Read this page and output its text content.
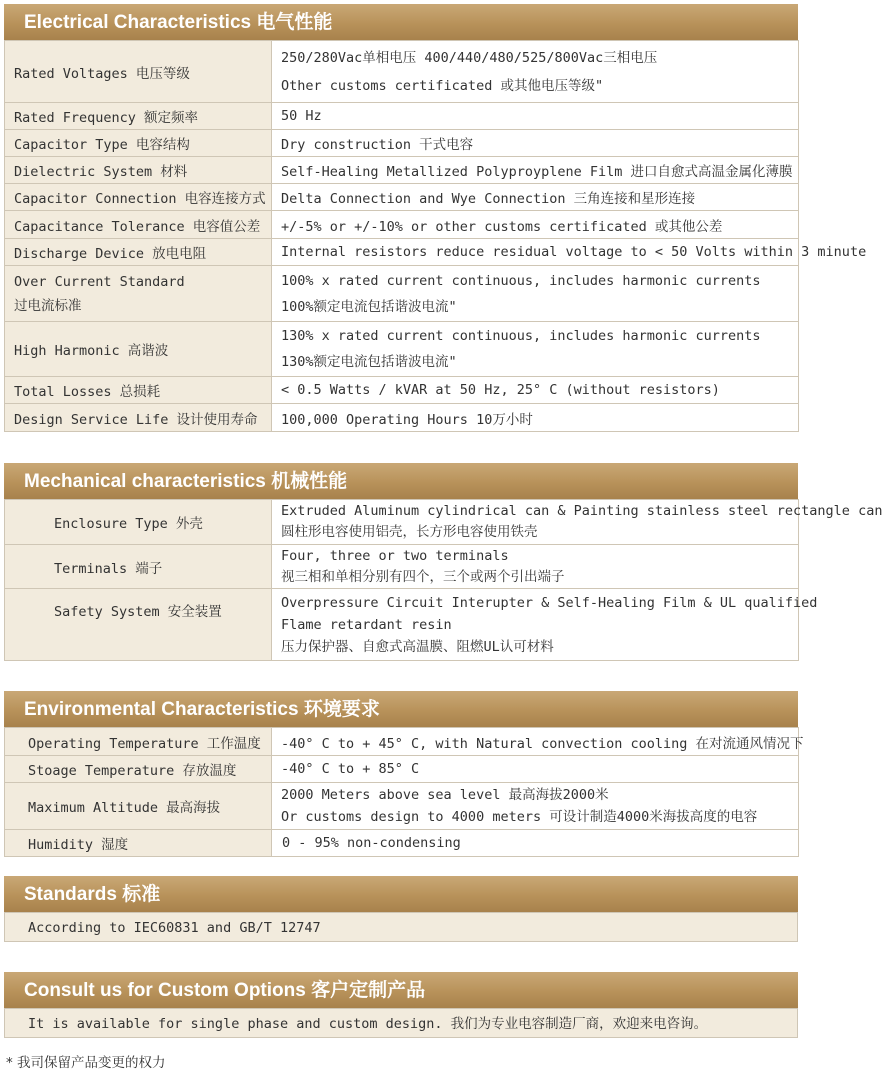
Electrical Characteristics 电气性能
Rated Voltages 电压等级	250/280Vac单相电压 400/440/480/525/800Vac三相电压
Other customs certificated 或其他电压等级"

Rated Frequency 额定频率	50 Hz
Capacitor Type 电容结构	Dry construction 干式电容
Dielectric System 材料	Self-Healing Metallized Polyproyplene Film 进口自愈式高温金属化薄膜
Capacitor Connection 电容连接方式	Delta Connection and Wye Connection 三角连接和星形连接
Capacitance Tolerance 电容值公差	+/-5% or +/-10% or other customs certificated 或其他公差
Discharge Device 放电电阻	Internal resistors reduce residual voltage to < 50 Volts within 3 minute

Over Current Standard
过电流标准	100% x rated current continuous, includes harmonic currents
100%额定电流包括谐波电流"

High Harmonic 高谐波	130% x rated current continuous, includes harmonic currents
130%额定电流包括谐波电流"

Total Losses 总损耗	< 0.5 Watts / kVAR at 50 Hz, 25° C (without resistors)
Design Service Life 设计使用寿命	100,000 Operating Hours 10万小时
Mechanical characteristics 机械性能
Enclosure Type 外壳	Extruded Aluminum cylindrical can & Painting stainless steel rectangle can
圆柱形电容使用铝壳，长方形电容使用铁壳

Terminals 端子	Four, three or two terminals
视三相和单相分别有四个，三个或两个引出端子

Safety System 安全装置	Overpressure Circuit Interupter & Self-Healing Film & UL qualified
Flame retardant resin
压力保护器、自愈式高温膜、阻燃UL认可材料
Environmental Characteristics 环境要求
Operating Temperature 工作温度	-40° C to + 45° C, with Natural convection cooling 在对流通风情况下
Stoage Temperature 存放温度	-40° C to + 85° C
Maximum Altitude 最高海拔	2000 Meters above sea level 最高海拔2000米
Or customs design to 4000 meters 可设计制造4000米海拔高度的电容

Humidity 湿度	0 - 95% non-condensing
Standards 标准
According to IEC60831 and GB/T 12747
Consult us for Custom Options 客户定制产品
It is available for single phase and custom design. 我们为专业电容制造厂商，欢迎来电咨询。
* 我司保留产品变更的权力
